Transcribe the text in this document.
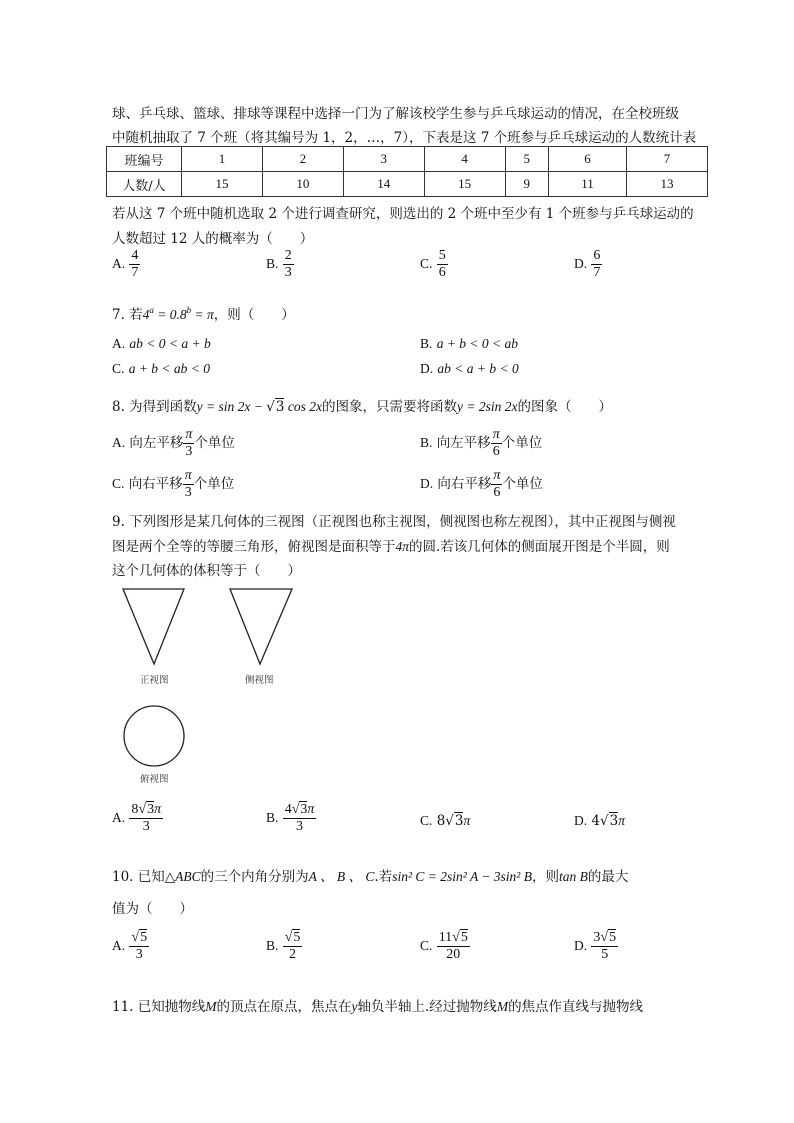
球、乒乓球、篮球、排球等课程中选择一门为了解该校学生参与乒乓球运动的情况，在全校班级
中随机抽取了 7 个班（将其编号为 1，2，…，7），下表是这 7 个班参与乒乓球运动的人数统计表
班编号	1	2	3	4	5	6	7
人数/人	15	10	14	15	9	11	13
若从这 7 个班中随机选取 2 个进行调查研究，则选出的 2 个班中至少有 1 个班参与乒乓球运动的
人数超过 12 人的概率为（　　）
A. $\frac{4}{7}$	B. $\frac{2}{3}$	C. $\frac{5}{6}$	D. $\frac{6}{7}$
7. 若$4^a = 0.8^b = \pi$，则（　　）
A. ab < 0 < a + b	B. a + b < 0 < ab
C. a + b < ab < 0	D. ab < a + b < 0
8. 为得到函数y = sin 2x − √3 cos 2x的图象，只需要将函数y = 2sin 2x的图象（　　）
A. 向左平移 $\frac{\pi}{3}$ 个单位	B. 向左平移 $\frac{\pi}{6}$ 个单位
C. 向右平移 $\frac{\pi}{3}$ 个单位	D. 向右平移 $\frac{\pi}{6}$ 个单位
9. 下列图形是某几何体的三视图（正视图也称主视图，侧视图也称左视图），其中正视图与侧视
图是两个全等的等腰三角形，俯视图是面积等于4π的圆.若该几何体的侧面展开图是个半圆，则
这个几何体的体积等于（　　）
正视图	侧视图
俯视图
A. $\frac{8√3\pi}{3}$	B. $\frac{4√3\pi}{3}$	C. 8√3π	D. 4√3π
10. 已知△ABC的三个内角分别为A 、 B 、 C.若sin² C = 2sin² A − 3sin² B，则tan B的最大
值为（　　）
A. $\frac{√5}{3}$	B. $\frac{√5}{2}$	C. $\frac{11√5}{20}$	D. $\frac{3√5}{5}$
11. 已知抛物线M的顶点在原点，焦点在y轴负半轴上.经过抛物线M的焦点作直线与抛物线
